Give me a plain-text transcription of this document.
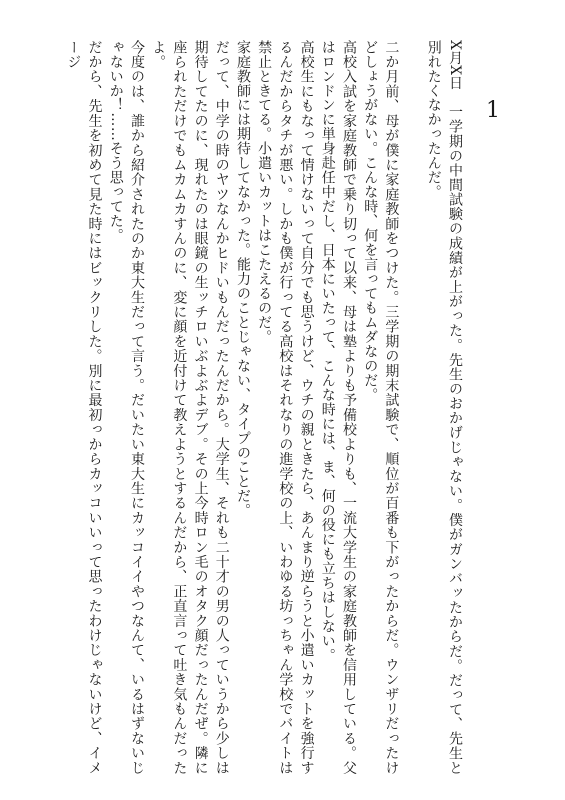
1

X月X日　一学期の中間試験の成績が上がった。先生のおかげじゃない。僕がガンバッたからだ。だって、先生と別れたくなかったんだ。

二か月前、母が僕に家庭教師をつけた。三学期の期末試験で、順位が百番も下がったからだ。ウンザリだったけどしょうがない。こんな時、何を言ってもムダなのだ。

高校入試を家庭教師で乗り切って以来、母は塾よりも予備校よりも、一流大学生の家庭教師を信用している。父はロンドンに単身赴任中だし、日本にいたって、こんな時には、ま、何の役にも立ちはしない。

高校生にもなって情けないって自分でも思うけど、ウチの親ときたら、あんまり逆らうと小遣いカットを強行するんだからタチが悪い。しかも僕が行ってる高校はそれなりの進学校の上、いわゆる坊っちゃん学校でバイトは禁止ときてる。小遣いカットはこたえるのだ。

家庭教師には期待してなかった。能力のことじゃない、タイプのことだ。

だって、中学の時のヤツなんかヒドいもんだったんだから。大学生、それも二十才の男の人っていうから少しは期待してたのに、現れたのは眼鏡の生ッチロいぶよぶよデブ。その上今時ロン毛のオタク顔だったんだぜ。隣に座られただけでもムカムカすんのに、変に顔を近付けて教えようとするんだから、正直言って吐き気もんだったよ。

今度のは、誰から紹介されたのか東大生だって言う。だいたい東大生にカッコイイやつなんて、いるはずないじゃないか！……そう思ってた。

だから、先生を初めて見た時にはビックリした。別に最初っからカッコいいって思ったわけじゃないけど、イメージ
